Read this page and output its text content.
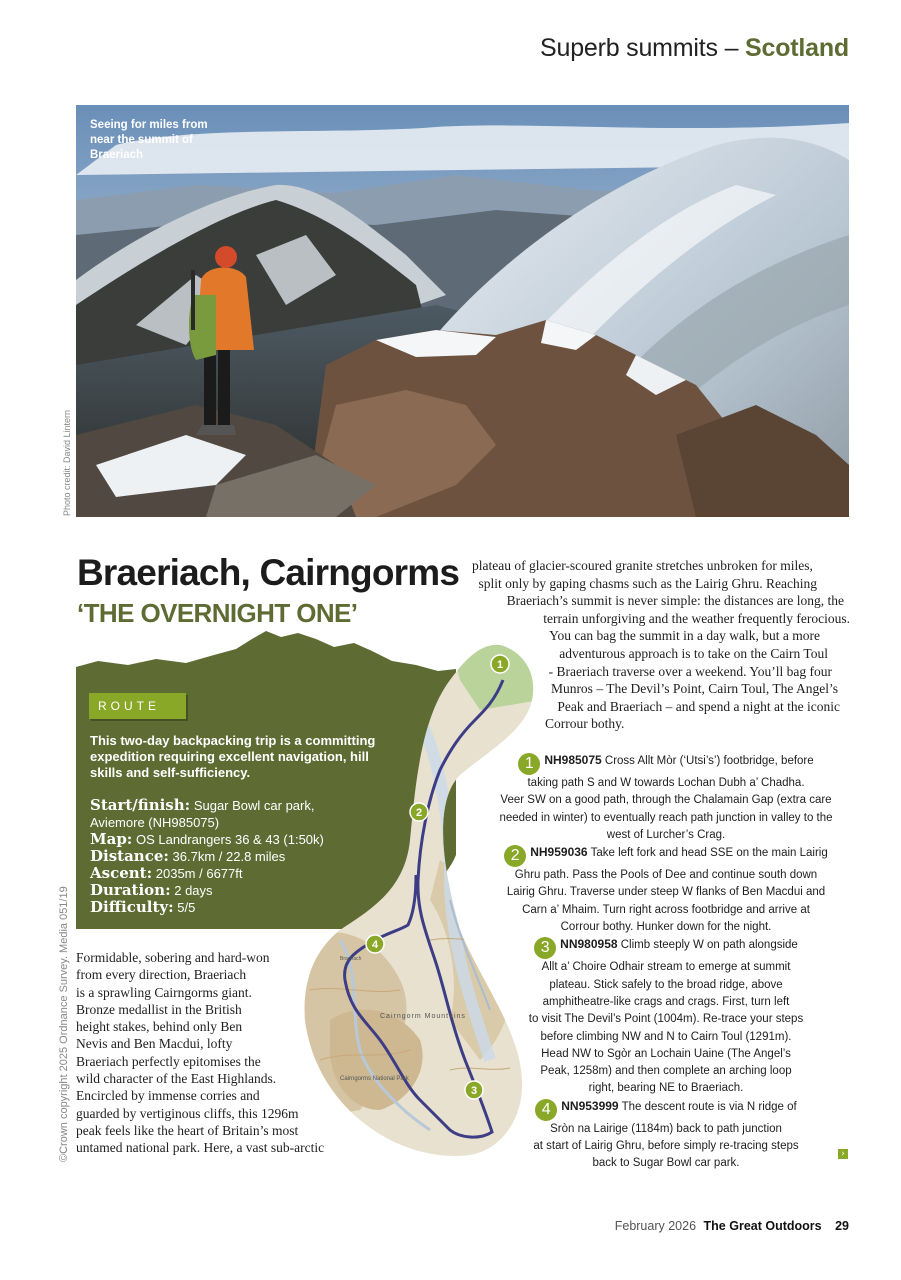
Superb summits – Scotland
Seeing for miles from near the summit of Braeriach
Photo credit: David Lintern
©Crown copyright 2025 Ordnance Survey. Media 051/19
Braeriach, Cairngorms
‘THE OVERNIGHT ONE’
ROUTE
This two-day backpacking trip is a committing expedition requiring excellent navigation, hill skills and self-sufficiency.
Start/finish: Sugar Bowl car park,
Aviemore (NH985075)
Map: OS Landrangers 36 & 43 (1:50k)
Distance: 36.7km / 22.8 miles
Ascent: 2035m / 6677ft
Duration: 2 days
Difficulty: 5/5
Cairngorm Mountains
Cairngorms National Park
Braeriach
1
2
3
4

Formidable, sobering and hard-won

from every direction, Braeriach

is a sprawling Cairngorms giant.

Bronze medallist in the British

height stakes, behind only Ben

Nevis and Ben Macdui, lofty

Braeriach perfectly epitomises the

wild character of the East Highlands.

Encircled by immense corries and

guarded by vertiginous cliffs, this 1296m

peak feels like the heart of Britain’s most

untamed national park. Here, a vast sub-arctic

plateau of glacier-scoured granite stretches unbroken for miles,

split only by gaping chasms such as the Lairig Ghru. Reaching

Braeriach’s summit is never simple: the distances are long, the

terrain unforgiving and the weather frequently ferocious.

You can bag the summit in a day walk, but a more

adventurous approach is to take on the Cairn Toul

- Braeriach traverse over a weekend. You’ll bag four

Munros – The Devil’s Point, Cairn Toul, The Angel’s

Peak and Braeriach – and spend a night at the iconic

Corrour bothy.

1 NH985075 Cross Allt Mòr (‘Utsi’s’) footbridge, before

taking path S and W towards Lochan Dubh a’ Chadha.

Veer SW on a good path, through the Chalamain Gap (extra care

needed in winter) to eventually reach path junction in valley to the

west of Lurcher’s Crag.

2 NH959036 Take left fork and head SSE on the main Lairig

Ghru path. Pass the Pools of Dee and continue south down

Lairig Ghru. Traverse under steep W flanks of Ben Macdui and

Carn a’ Mhaim. Turn right across footbridge and arrive at

Corrour bothy. Hunker down for the night.

3 NN980958 Climb steeply W on path alongside

Allt a’ Choire Odhair stream to emerge at summit

plateau. Stick safely to the broad ridge, above

amphitheatre-like crags and crags. First, turn left

to visit The Devil’s Point (1004m). Re-trace your steps

before climbing NW and N to Cairn Toul (1291m).

Head NW to Sgòr an Lochain Uaine (The Angel’s

Peak, 1258m) and then complete an arching loop

right, bearing NE to Braeriach.

4 NN953999 The descent route is via N ridge of

Sròn na Lairige (1184m) back to path junction

at start of Lairig Ghru, before simply re-tracing steps

back to Sugar Bowl car park.

›
February 2026 The Great Outdoors 29
